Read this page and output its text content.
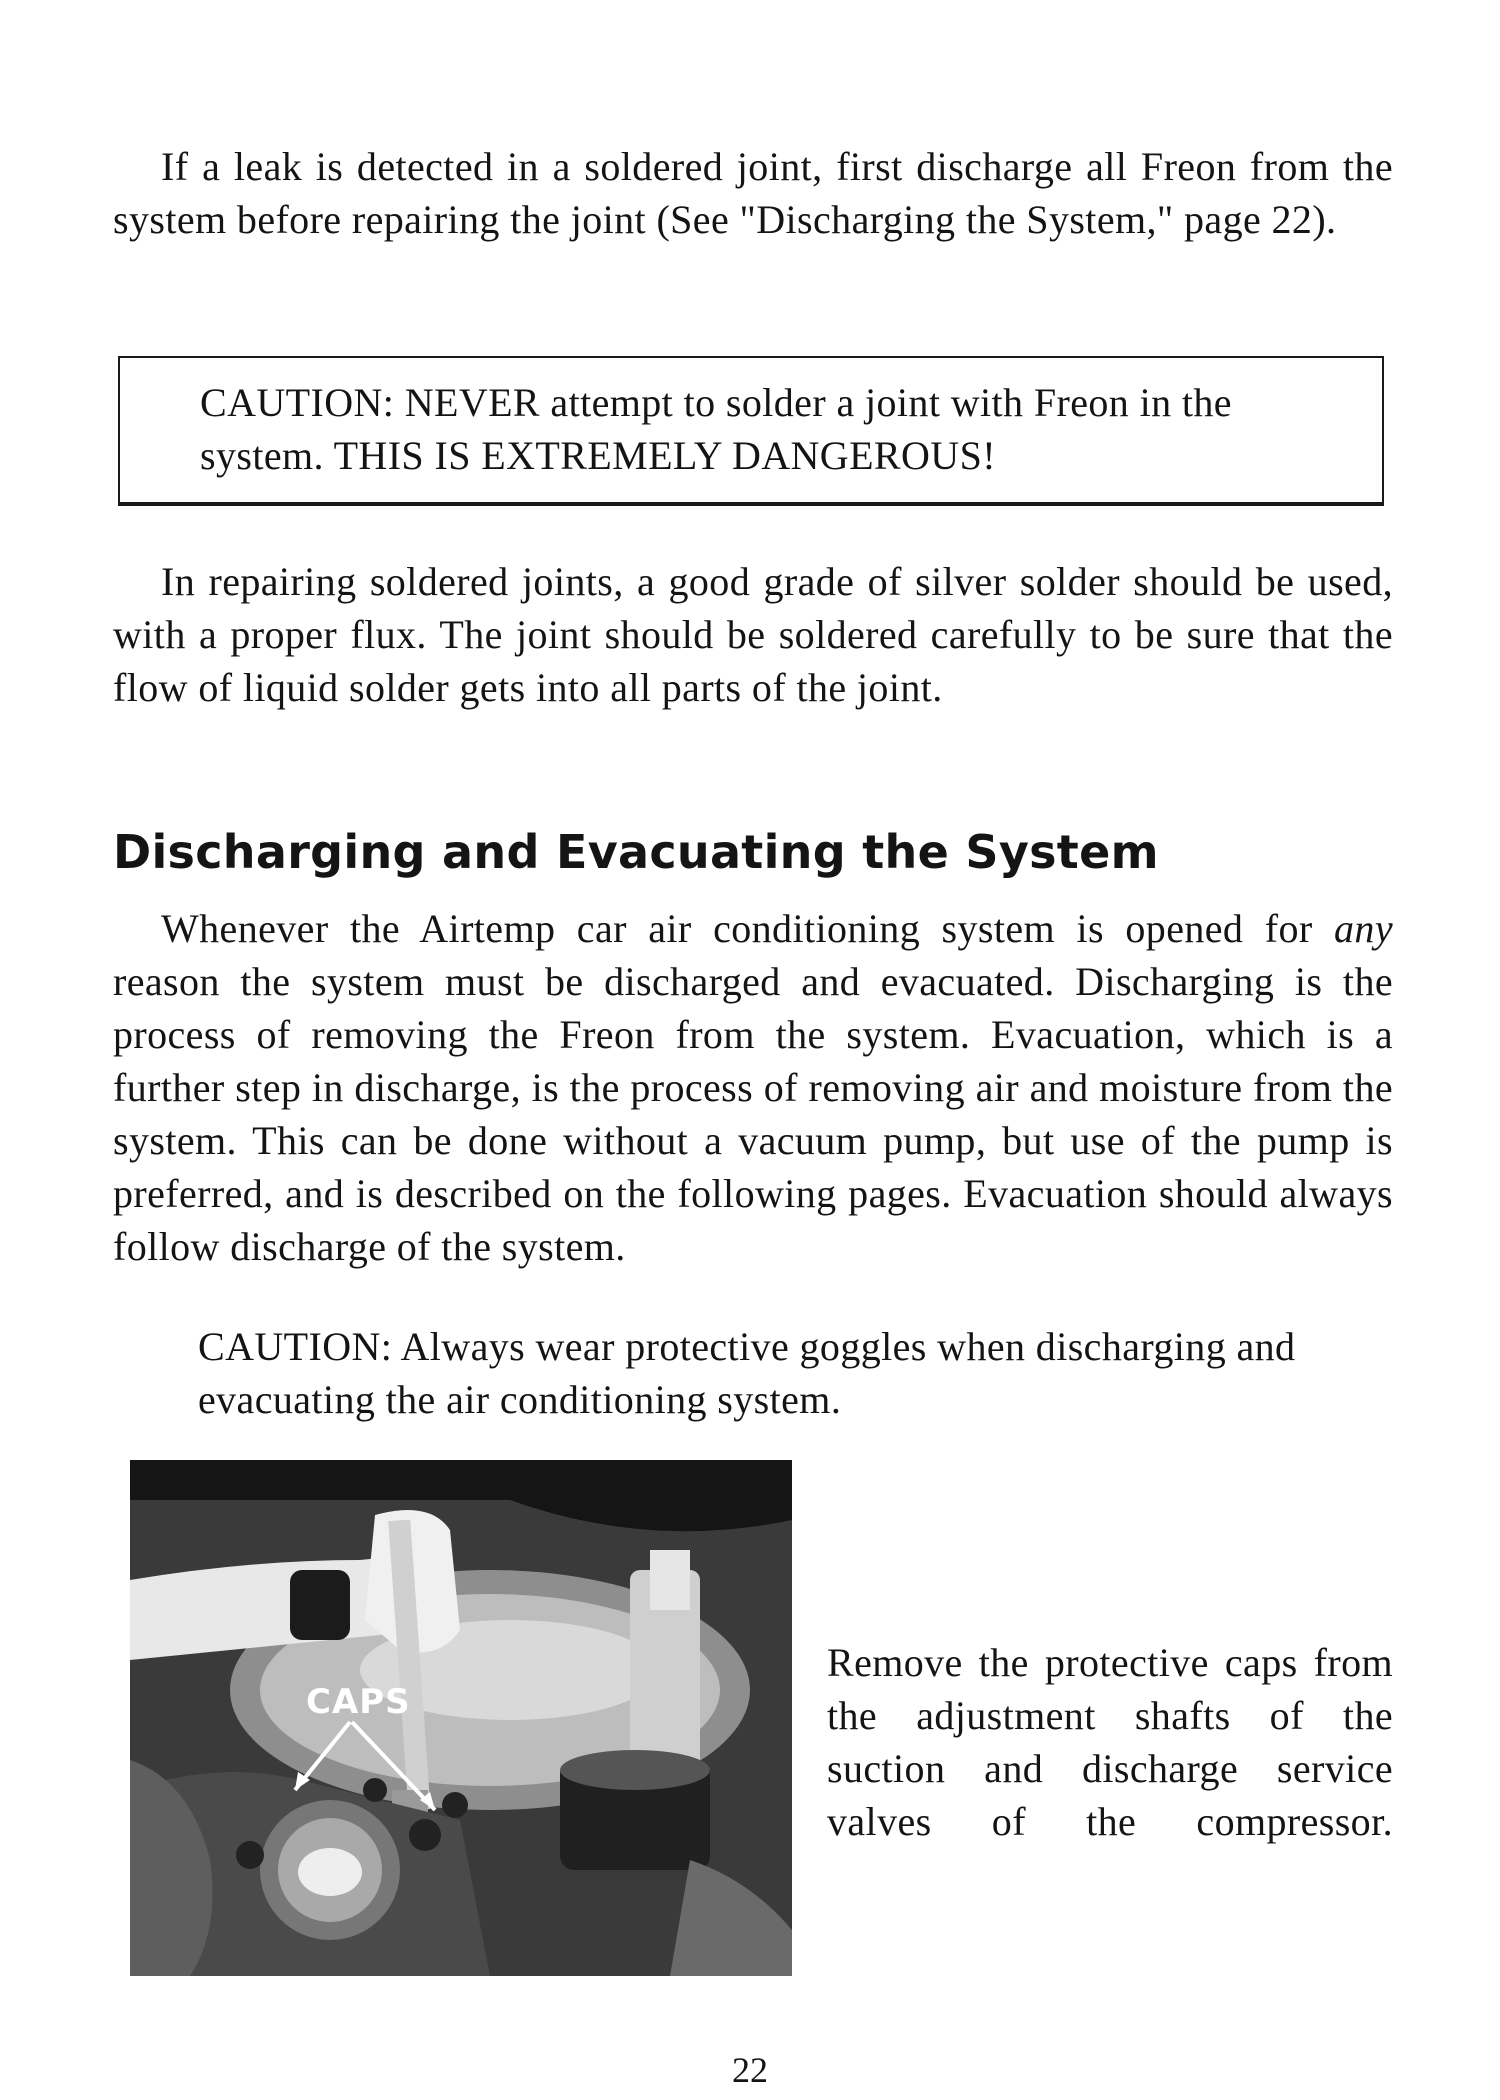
If a leak is detected in a soldered joint, first discharge all Freon from the system before repairing the joint (See "Discharging the System," page 22).

CAUTION: NEVER attempt to solder a joint with Freon in the system. THIS IS EXTREMELY DANGEROUS!

In repairing soldered joints, a good grade of silver solder should be used, with a proper flux. The joint should be soldered carefully to be sure that the flow of liquid solder gets into all parts of the joint.

Discharging and Evacuating the System

Whenever the Airtemp car air conditioning system is opened for any reason the system must be discharged and evacuated. Discharging is the process of removing the Freon from the system. Evacuation, which is a further step in discharge, is the process of removing air and moisture from the system. This can be done without a vacuum pump, but use of the pump is preferred, and is described on the following pages. Evacuation should always follow discharge of the system.

CAUTION: Always wear protective goggles when discharging and evacuating the air conditioning system.

CAPS

Remove the protective caps from the adjustment shafts of the suction and discharge service valves of the compressor.

22
